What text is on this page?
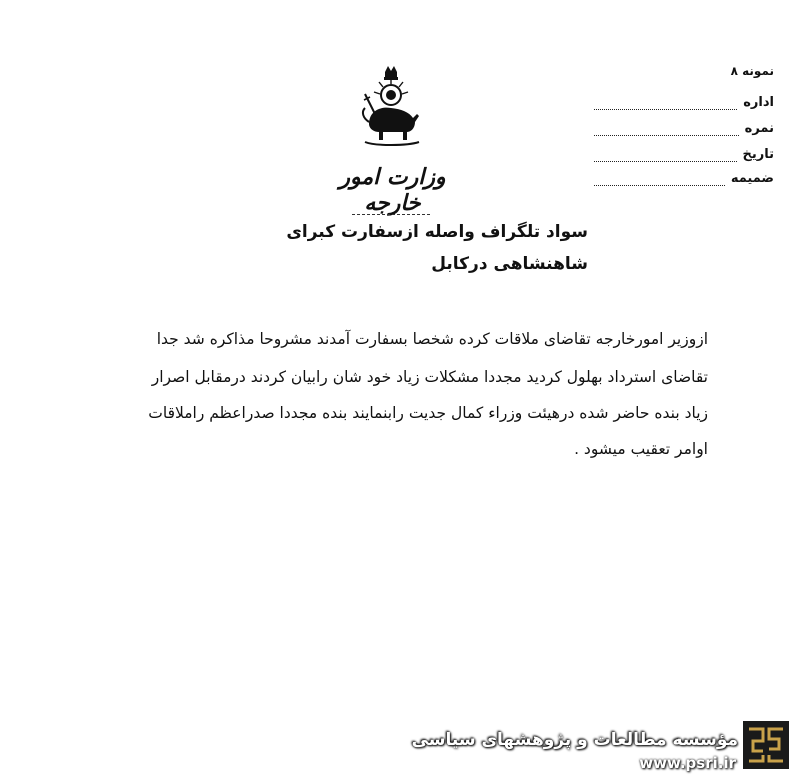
نمونه ۸
اداره
نمره
تاریخ
ضمیمه
وزارت امور خارجه
سواد تلگراف واصله ازسفارت کبرای
شاهنشاهی درکابل
ازوزیر امورخارجه تقاضای ملاقات کرده شخصا بسفارت آمدند مشروحا مذاکره شد جدا
تقاضای استرداد بهلول کردید مجددا مشکلات زیاد خود شان رابیان کردند درمقابل اصرار
زیاد بنده حاضر شده درهیئت وزراء کمال جدیت رابنمایند بنده مجددا صدراعظم راملاقات
اوامر تعقیب میشود .
مؤسسه مطالعات و پژوهشهای سیاسی
www.psri.ir
